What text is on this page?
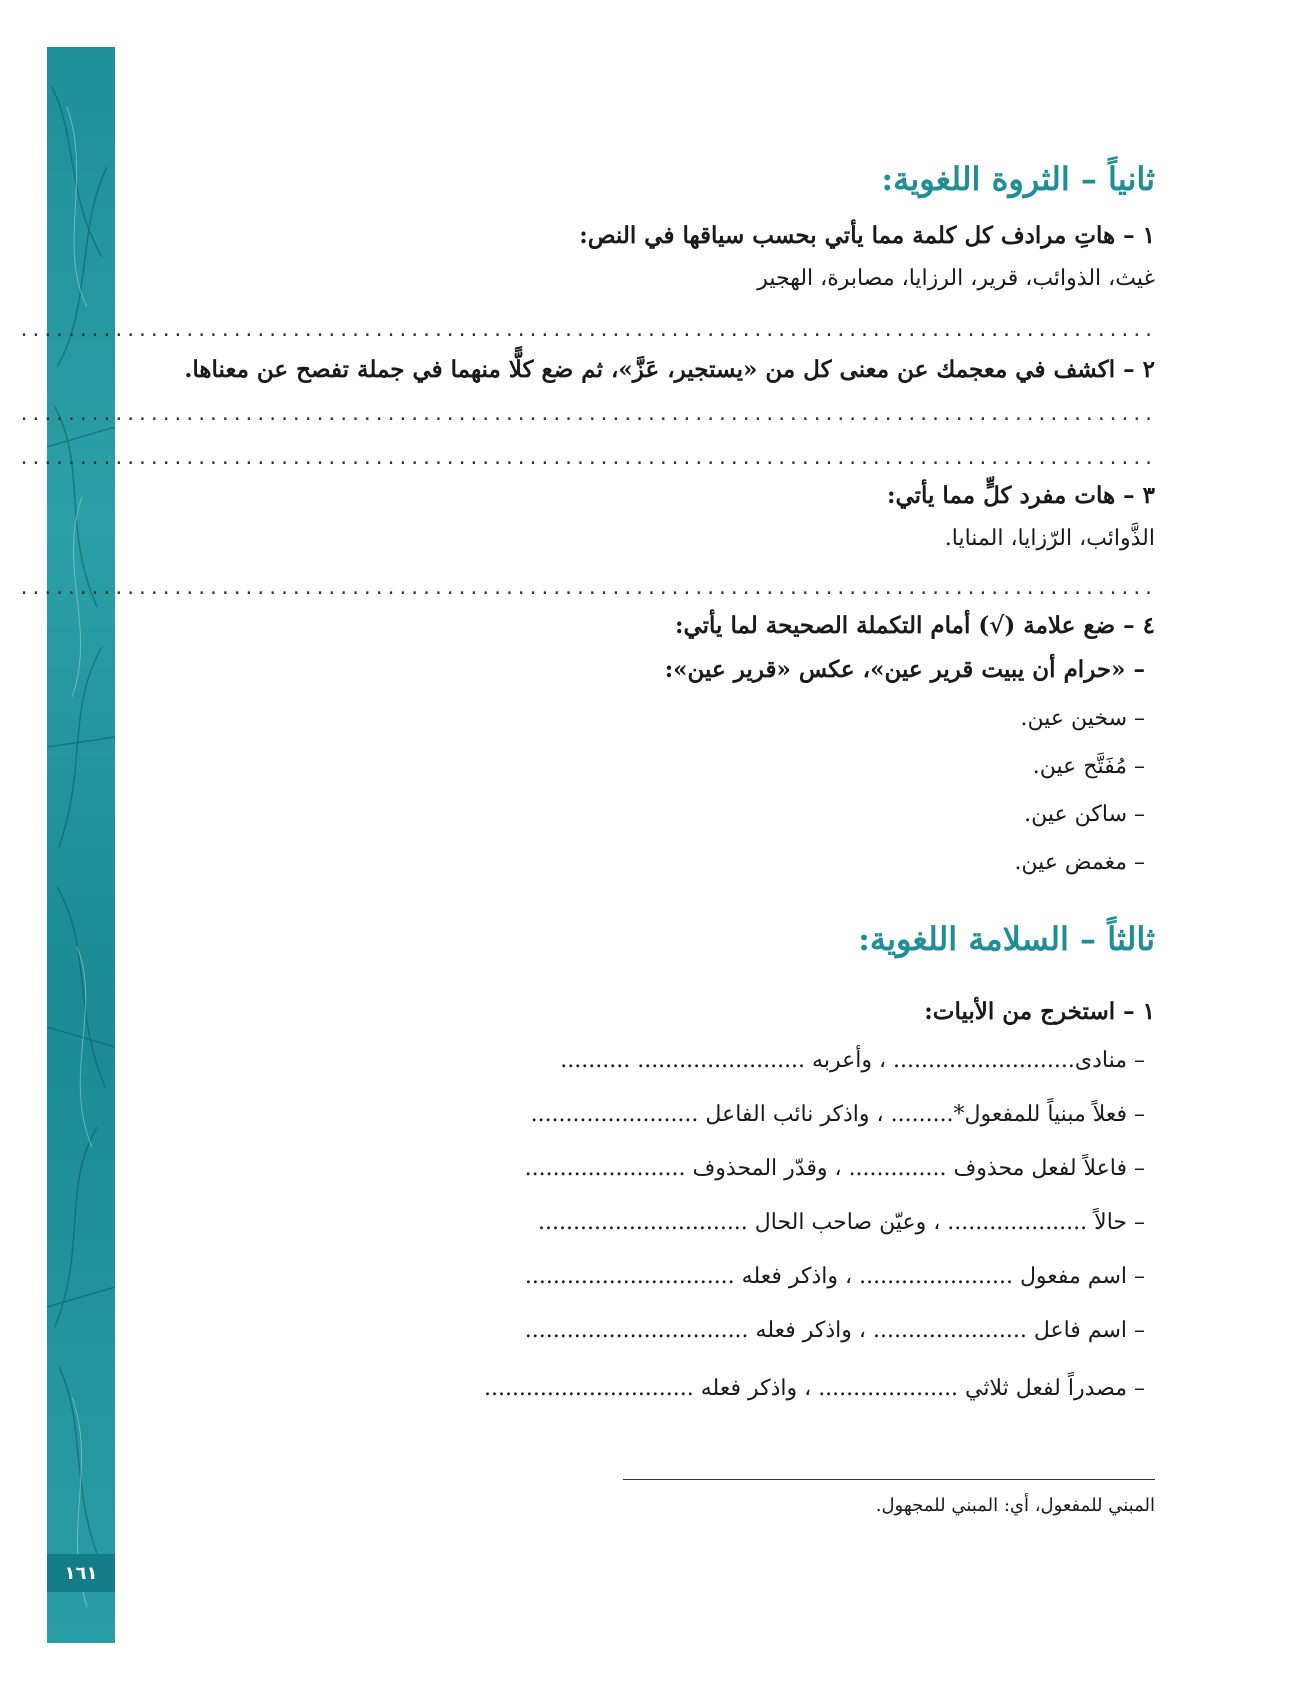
١٦١
ثانياً – الثروة اللغوية:
١ – هاتِ مرادف كل كلمة مما يأتي بحسب سياقها في النص:
غيث، الذوائب، قرير، الرزايا، مصابرة، الهجير
................................................................................................
٢ – اكشف في معجمك عن معنى كل من «يستجير، عَزَّ»، ثم ضع كلًّا منهما في جملة تفصح عن معناها.
................................................................................................
................................................................................................
٣ – هات مفرد كلٍّ مما يأتي:
الذَّوائب، الرّزايا، المنايا.
................................................................................................
٤ – ضع علامة (√) أمام التكملة الصحيحة لما يأتي:
– «حرام أن يبيت قرير عين»، عكس «قرير عين»:
– سخين عين.
– مُفَتَّح عين.
– ساكن عين.
– مغمض عين.
ثالثاً – السلامة اللغوية:
١ – استخرج من الأبيات:
– منادى.......................... ، وأعربه ........................ ..........
– فعلاً مبنياً للمفعول*......... ، واذكر نائب الفاعل ........................
– فاعلاً لفعل محذوف .............. ، وقدّر المحذوف .......................
– حالاً .................... ، وعيّن صاحب الحال ..............................
– اسم مفعول ...................... ، واذكر فعله ..............................
– اسم فاعل ...................... ، واذكر فعله ................................
– مصدراً لفعل ثلاثي .................... ، واذكر فعله ..............................
المبني للمفعول، أي: المبني للمجهول.
